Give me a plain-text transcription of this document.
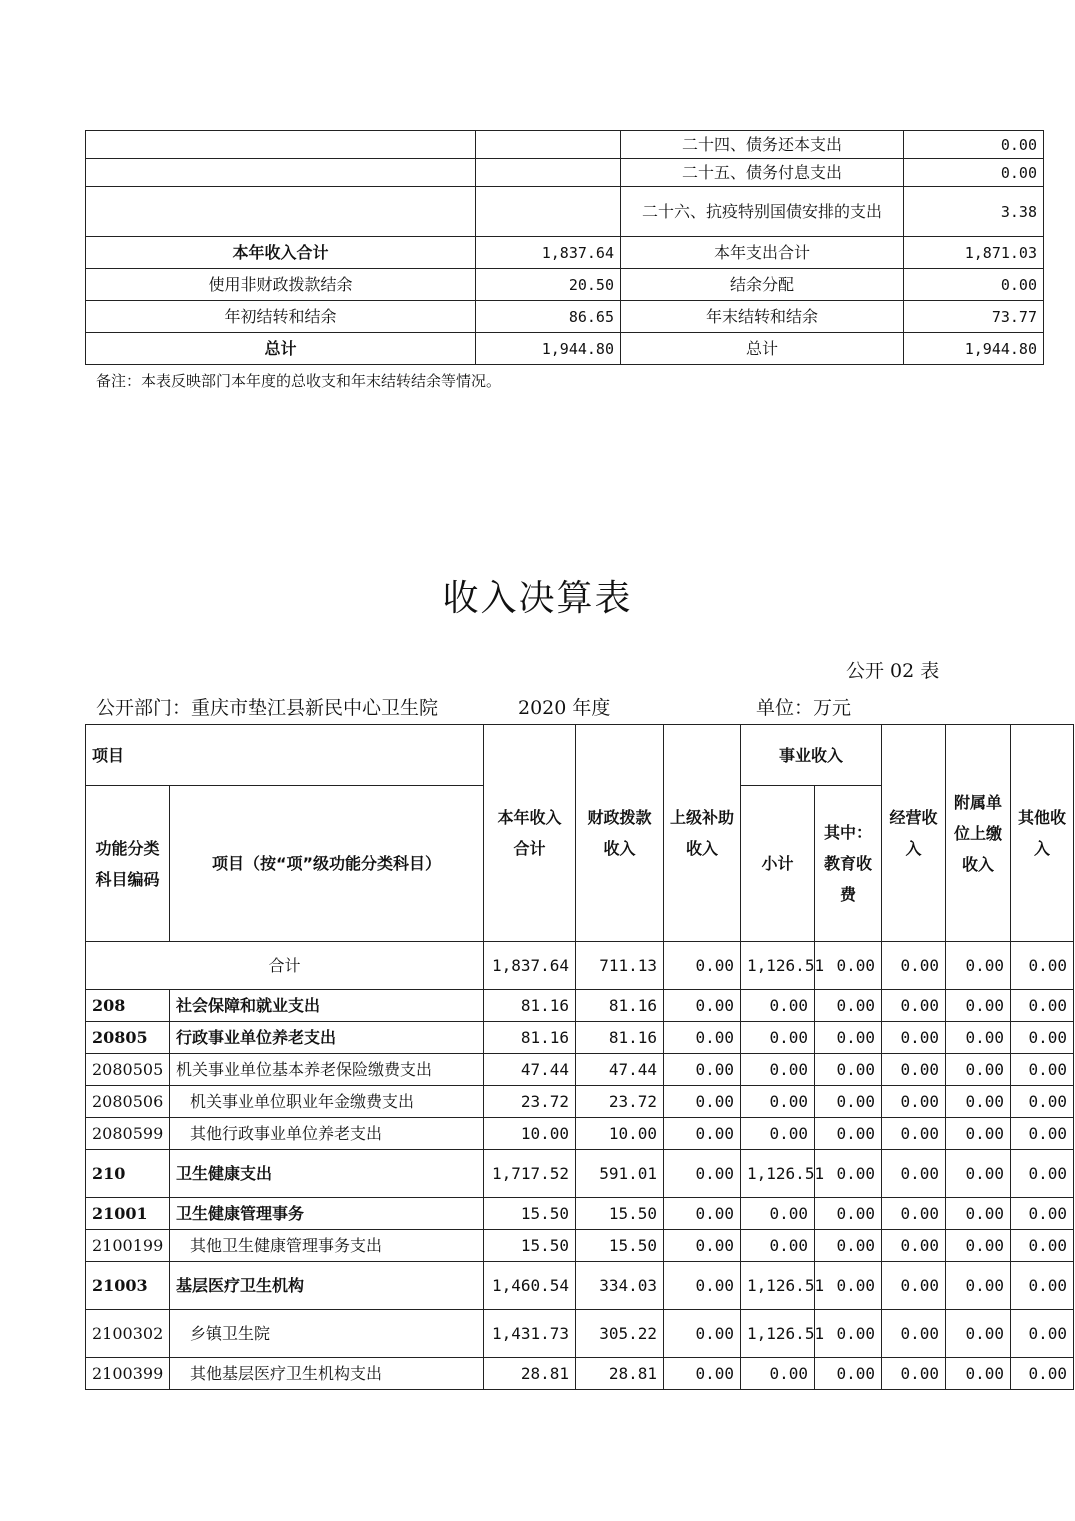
		二十四、债务还本支出	0.00
		二十五、债务付息支出	0.00
		二十六、抗疫特别国债安排的支出	3.38
本年收入合计	1,837.64	本年支出合计	1,871.03
使用非财政拨款结余	20.50	结余分配	0.00
年初结转和结余	86.65	年末结转和结余	73.77
总计	1,944.80	总计	1,944.80
备注：本表反映部门本年度的总收支和年末结转结余等情况。
收入决算表
公开 02 表
公开部门：重庆市垫江县新民中心卫生院	2020 年度	单位：万元
项目		本年收入合计	财政拨款收入	上级补助收入	事业收入		经营收入	附属单位上缴收入	其他收入
功能分类科目编码	项目（按“项”级功能分类科目）				小计	其中：教育收费			

合计		1,837.64	711.13	0.00	1,126.51	0.00	0.00	0.00	0.00
208	社会保障和就业支出	81.16	81.16	0.00	0.00	0.00	0.00	0.00	0.00
20805	行政事业单位养老支出	81.16	81.16	0.00	0.00	0.00	0.00	0.00	0.00
2080505	机关事业单位基本养老保险缴费支出	47.44	47.44	0.00	0.00	0.00	0.00	0.00	0.00
2080506	机关事业单位职业年金缴费支出	23.72	23.72	0.00	0.00	0.00	0.00	0.00	0.00
2080599	其他行政事业单位养老支出	10.00	10.00	0.00	0.00	0.00	0.00	0.00	0.00
210	卫生健康支出	1,717.52	591.01	0.00	1,126.51	0.00	0.00	0.00	0.00
21001	卫生健康管理事务	15.50	15.50	0.00	0.00	0.00	0.00	0.00	0.00
2100199	其他卫生健康管理事务支出	15.50	15.50	0.00	0.00	0.00	0.00	0.00	0.00
21003	基层医疗卫生机构	1,460.54	334.03	0.00	1,126.51	0.00	0.00	0.00	0.00
2100302	乡镇卫生院	1,431.73	305.22	0.00	1,126.51	0.00	0.00	0.00	0.00
2100399	其他基层医疗卫生机构支出	28.81	28.81	0.00	0.00	0.00	0.00	0.00	0.00
